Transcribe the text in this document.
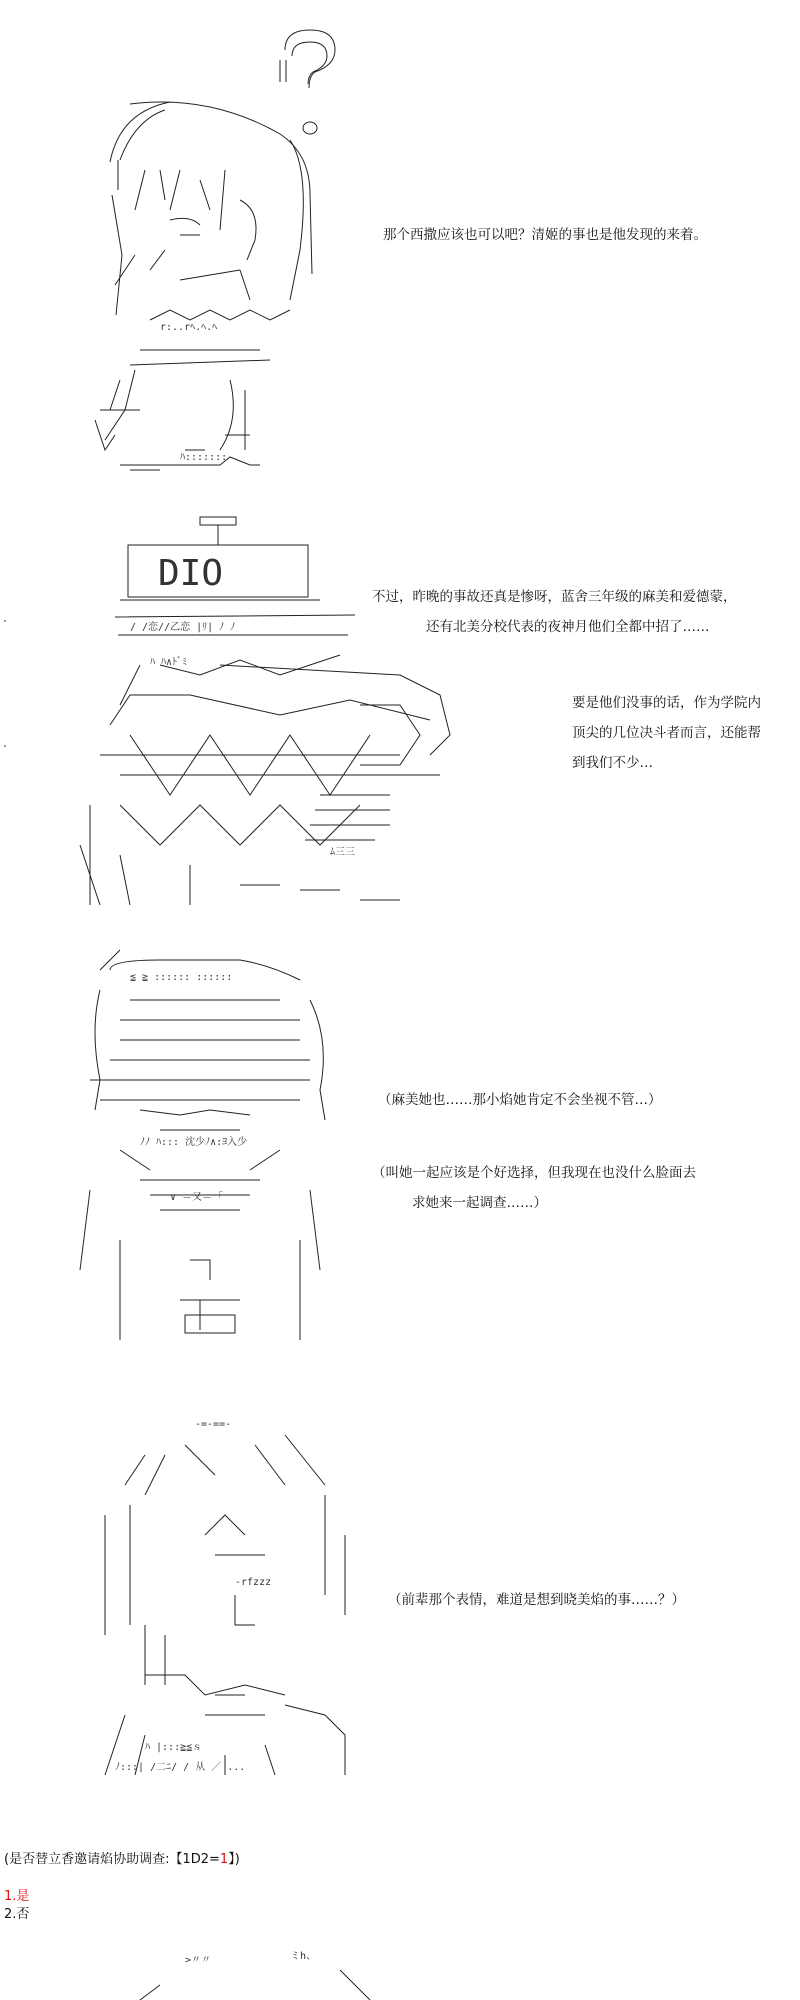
r:..rﾍ.ﾍ.ﾍ
ﾊ:::::::
DIO
/ /恋//乙恋 |ﾘ| ﾉ ﾉ
ﾊ ﾊ∧ﾄﾞﾐ
ﾑ三三
≦ ≧ :::::: ::::::
ﾉﾉ ﾊ::: 沈少ﾉ∧:ﾖ入少
∨ ＝又＝ ｢
-=-==-
-rfzzz
ﾊ |:::≧≦ｓ
ﾉ:::| /二ﾆ/ / 从 ／ ...
>〃〃	ミh、
那个西撒应该也可以吧？清姬的事也是他发现的来着。
不过，昨晚的事故还真是惨呀，蓝舍三年级的麻美和爱德蒙，
还有北美分校代表的夜神月他们全都中招了……
要是他们没事的话，作为学院内
顶尖的几位决斗者而言，还能帮
到我们不少…
（麻美她也……那小焰她肯定不会坐视不管…）
（叫她一起应该是个好选择，但我现在也没什么脸面去
求她来一起调查……）
（前辈那个表情，难道是想到晓美焰的事……？）
(是否替立香邀请焰协助调查:【1D2=1】)
1.是
2.否
